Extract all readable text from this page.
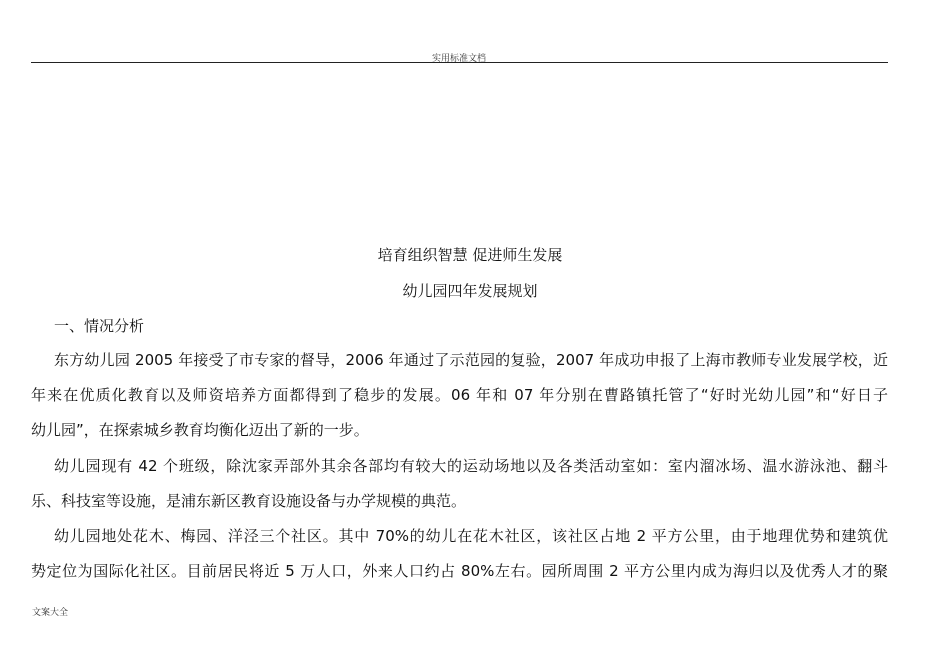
实用标准文档
培育组织智慧 促进师生发展
幼儿园四年发展规划
一、情况分析
东方幼儿园 2005 年接受了市专家的督导，2006 年通过了示范园的复验，2007 年成功申报了上海市教师专业发展学校，近
年来在优质化教育以及师资培养方面都得到了稳步的发展。06 年和 07 年分别在曹路镇托管了“好时光幼儿园”和“好日子
幼儿园”，在探索城乡教育均衡化迈出了新的一步。
幼儿园现有 42 个班级，除沈家弄部外其余各部均有较大的运动场地以及各类活动室如：室内溜冰场、温水游泳池、翻斗
乐、科技室等设施，是浦东新区教育设施设备与办学规模的典范。
幼儿园地处花木、梅园、洋泾三个社区。其中 70%的幼儿在花木社区，该社区占地 2 平方公里，由于地理优势和建筑优
势定位为国际化社区。目前居民将近 5 万人口，外来人口约占 80%左右。园所周围 2 平方公里内成为海归以及优秀人才的聚
文案大全
